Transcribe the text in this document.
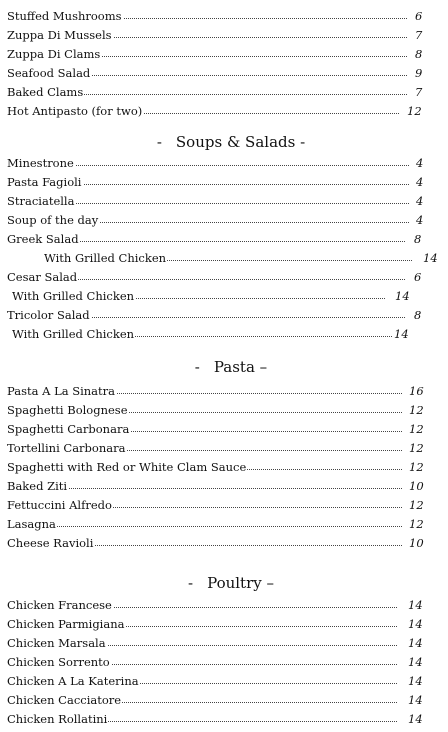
Stuffed Mushrooms	6
Zuppa Di Mussels	7
Zuppa Di Clams	8
Seafood Salad	9
Baked Clams	7
Hot Antipasto (for two)	12
- Soups & Salads -
Minestrone	4
Pasta Fagioli	4
Straciatella	4
Soup of the day	4
Greek Salad	8
With Grilled Chicken	14
Cesar Salad	6
With Grilled Chicken	14
Tricolor Salad	8
With Grilled Chicken	14
- Pasta –
Pasta A La Sinatra	16
Spaghetti Bolognese	12
Spaghetti Carbonara	12
Tortellini Carbonara	12
Spaghetti with Red or White Clam Sauce	12
Baked Ziti	10
Fettuccini Alfredo	12
Lasagna	12
Cheese Ravioli	10
- Poultry –
Chicken Francese	14
Chicken Parmigiana	14
Chicken Marsala	14
Chicken Sorrento	14
Chicken A La Katerina	14
Chicken Cacciatore	14
Chicken Rollatini	14
